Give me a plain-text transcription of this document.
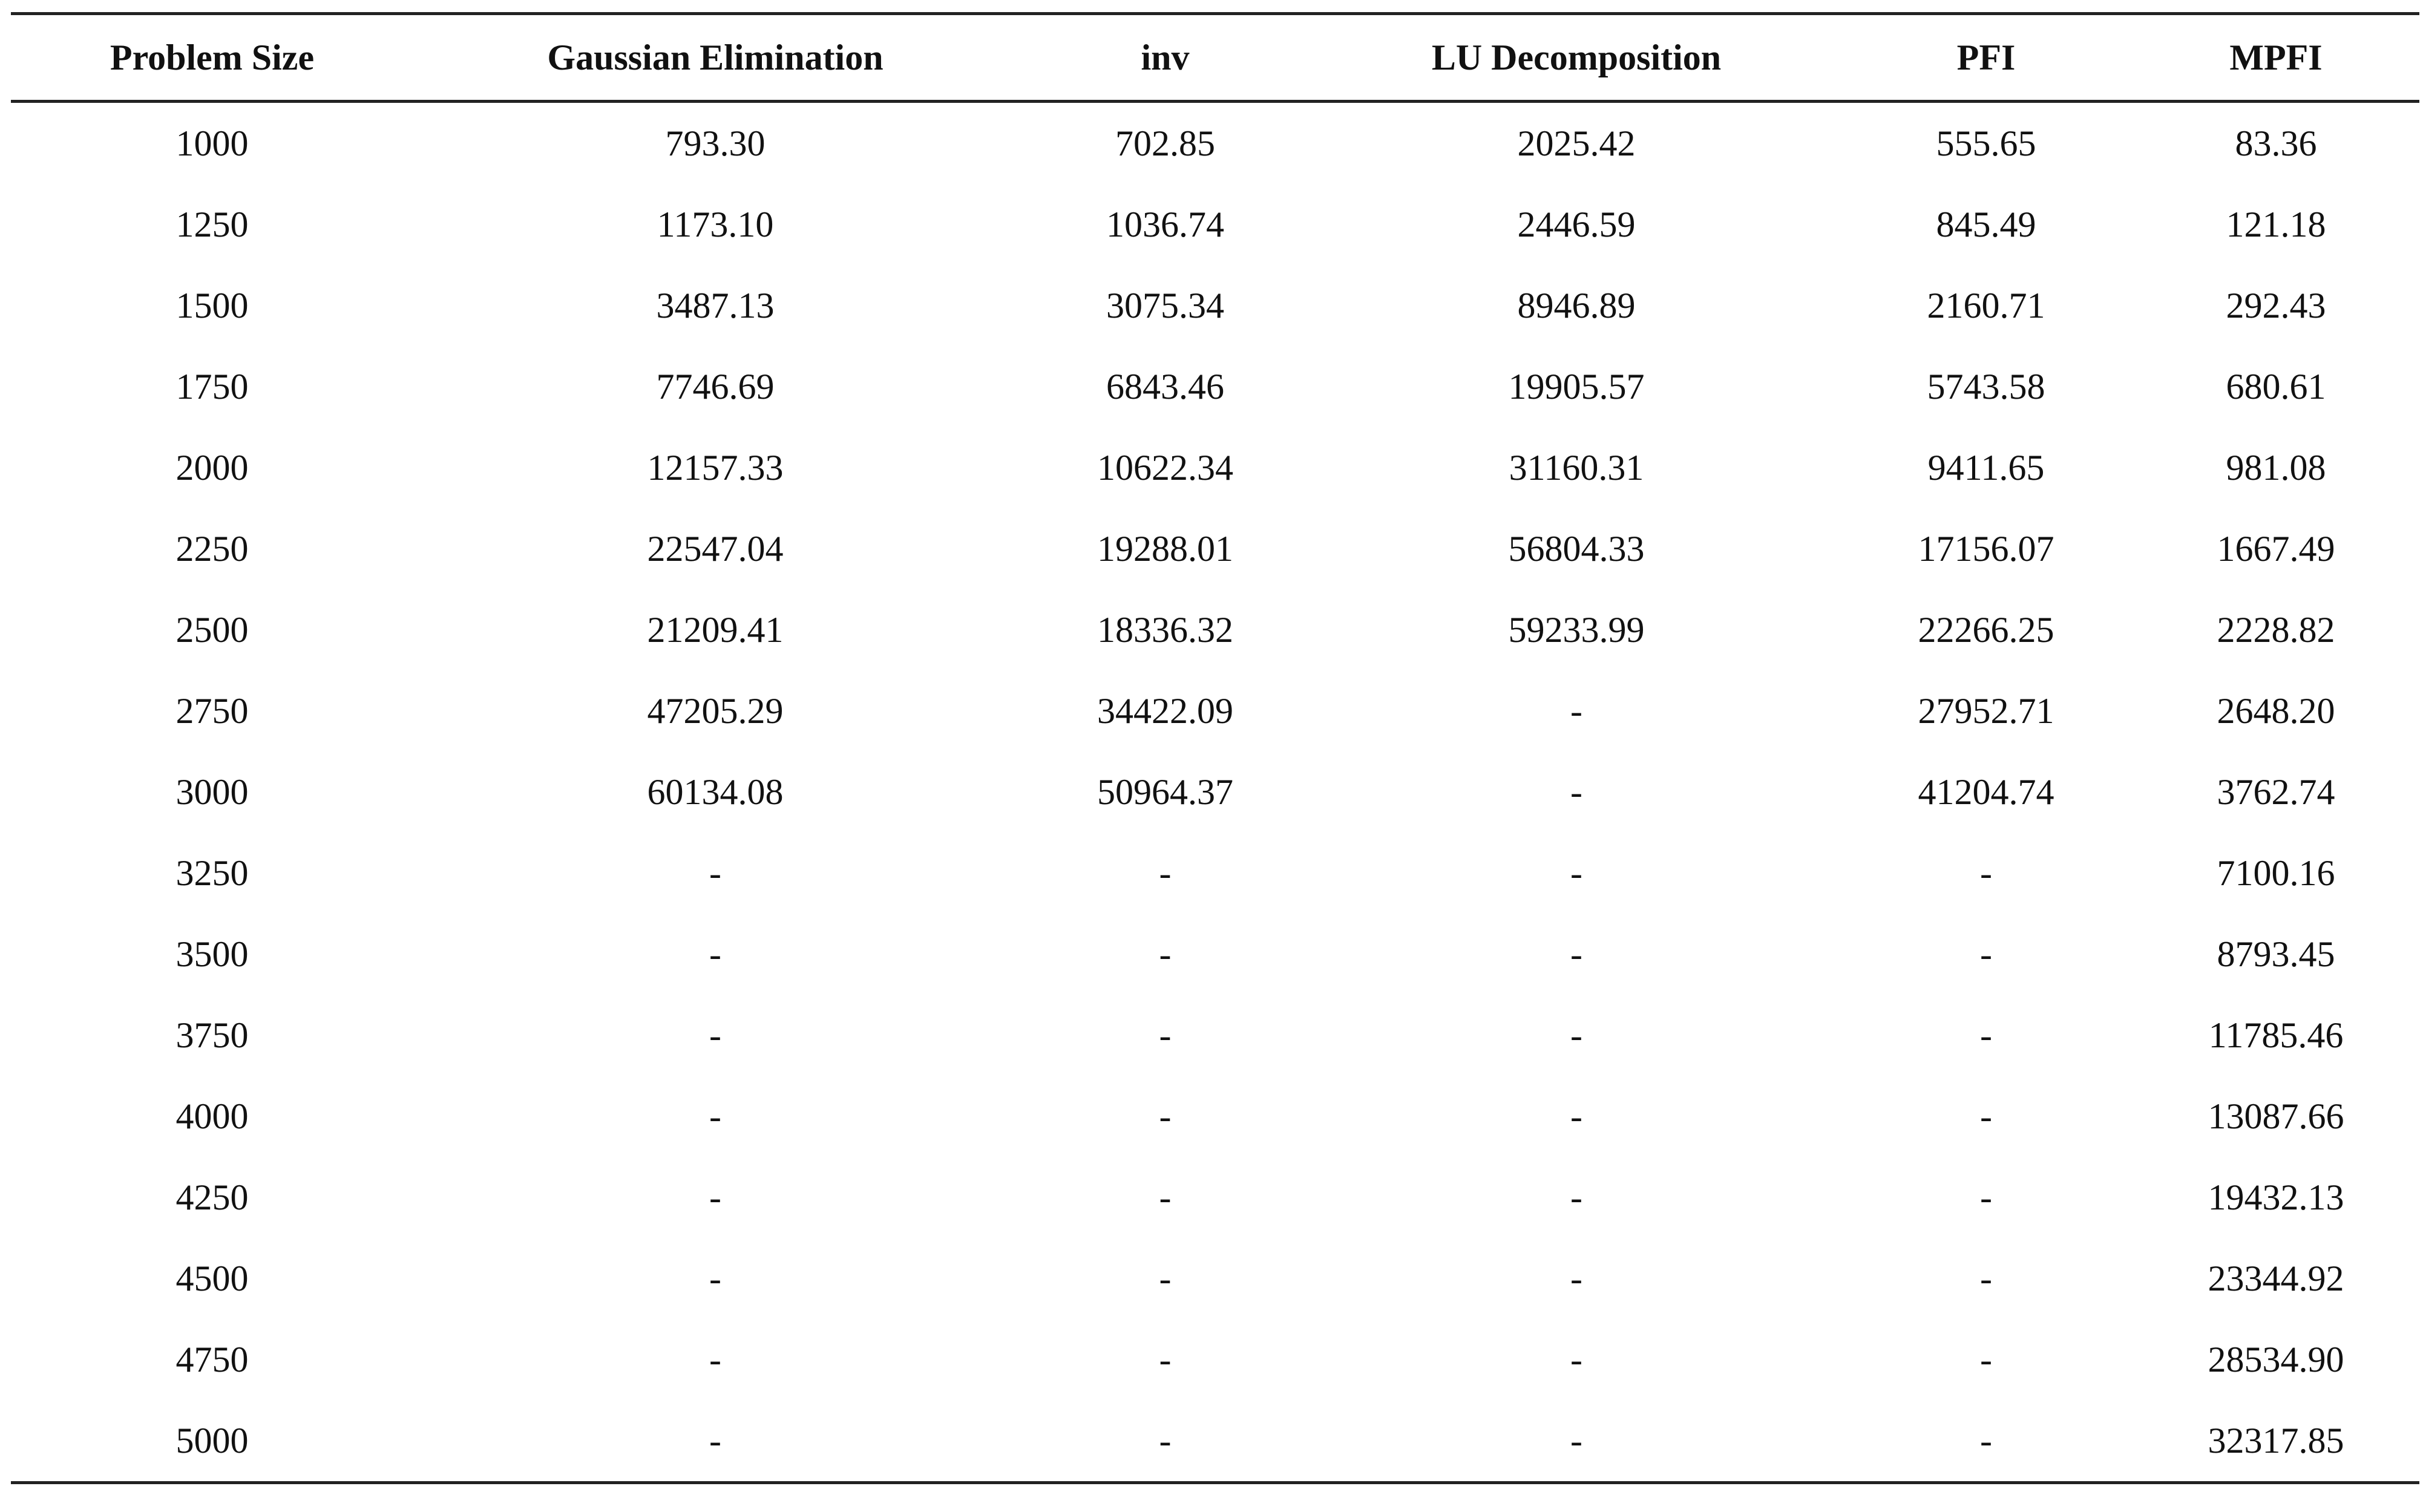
Problem Size	Gaussian Elimination	inv	LU Decomposition	PFI	MPFI
1000	793.30	702.85	2025.42	555.65	83.36
1250	1173.10	1036.74	2446.59	845.49	121.18
1500	3487.13	3075.34	8946.89	2160.71	292.43
1750	7746.69	6843.46	19905.57	5743.58	680.61
2000	12157.33	10622.34	31160.31	9411.65	981.08
2250	22547.04	19288.01	56804.33	17156.07	1667.49
2500	21209.41	18336.32	59233.99	22266.25	2228.82
2750	47205.29	34422.09	-	27952.71	2648.20
3000	60134.08	50964.37	-	41204.74	3762.74
3250	-	-	-	-	7100.16
3500	-	-	-	-	8793.45
3750	-	-	-	-	11785.46
4000	-	-	-	-	13087.66
4250	-	-	-	-	19432.13
4500	-	-	-	-	23344.92
4750	-	-	-	-	28534.90
5000	-	-	-	-	32317.85
